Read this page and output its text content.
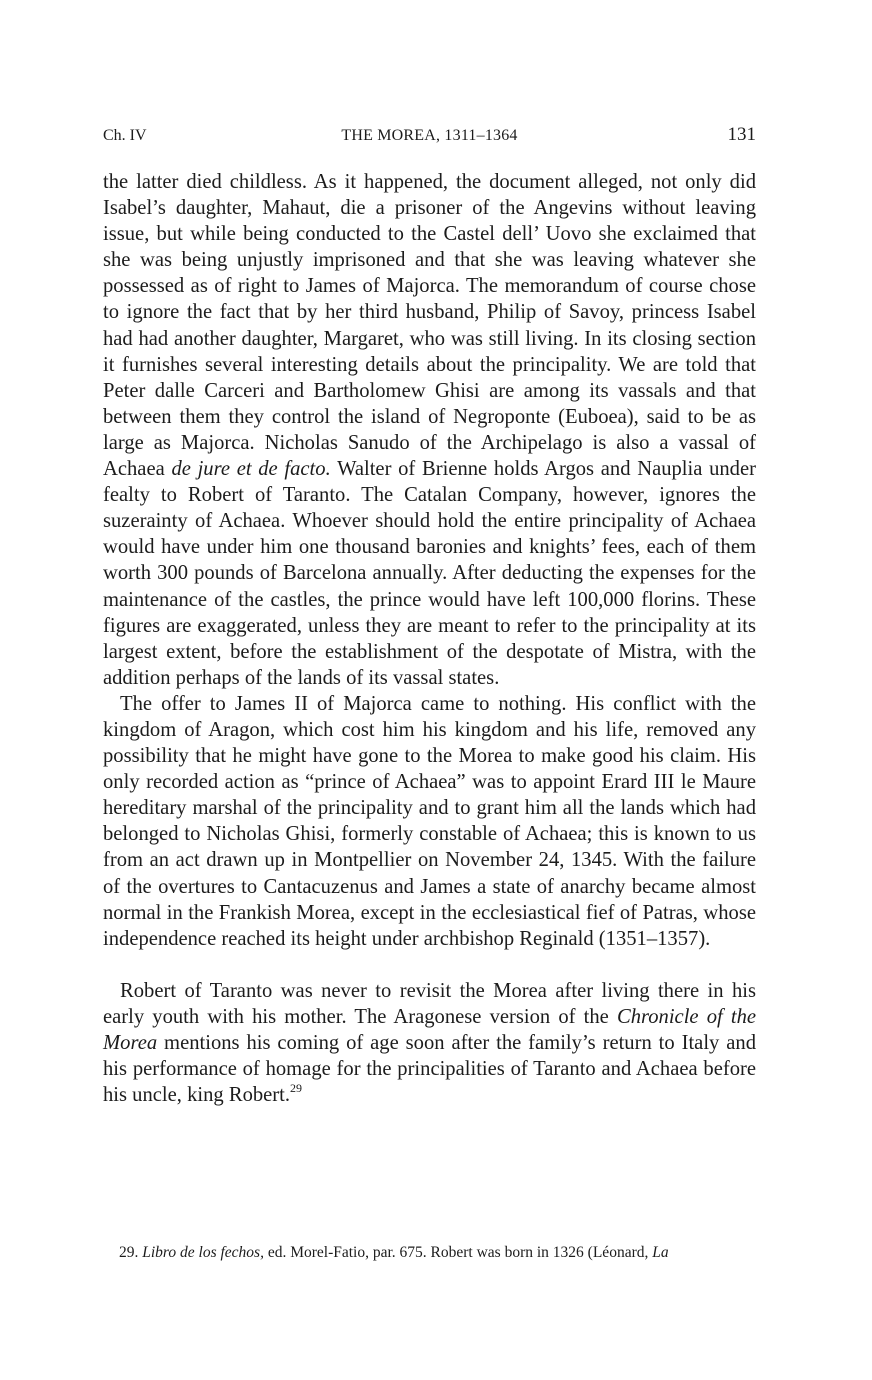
Ch. IV	THE MOREA, 1311–1364	131

the latter died childless. As it happened, the document alleged, not only did Isabel’s daughter, Mahaut, die a prisoner of the Angevins without leaving issue, but while being conducted to the Castel dell’ Uovo she exclaimed that she was being unjustly imprisoned and that she was leaving whatever she possessed as of right to James of Majorca. The memorandum of course chose to ignore the fact that by her third husband, Philip of Savoy, princess Isabel had had another daughter, Margaret, who was still living. In its closing section it furnishes several interesting details about the principality. We are told that Peter dalle Carceri and Bartholomew Ghisi are among its vassals and that between them they control the island of Negroponte (Euboea), said to be as large as Majorca. Nicholas Sanudo of the Archipelago is also a vassal of Achaea de jure et de facto. Walter of Brienne holds Argos and Nauplia under fealty to Robert of Taranto. The Catalan Company, however, ignores the suzerainty of Achaea. Whoever should hold the entire principality of Achaea would have under him one thousand baronies and knights’ fees, each of them worth 300 pounds of Barcelona annually. After deducting the expenses for the maintenance of the castles, the prince would have left 100,000 florins. These figures are exaggerated, unless they are meant to refer to the principality at its largest extent, before the establishment of the despotate of Mistra, with the addition perhaps of the lands of its vassal states.

The offer to James II of Majorca came to nothing. His conflict with the kingdom of Aragon, which cost him his kingdom and his life, removed any possibility that he might have gone to the Morea to make good his claim. His only recorded action as “prince of Achaea” was to appoint Erard III le Maure hereditary marshal of the principality and to grant him all the lands which had belonged to Nicholas Ghisi, formerly constable of Achaea; this is known to us from an act drawn up in Montpellier on November 24, 1345. With the failure of the overtures to Cantacuzenus and James a state of anarchy became almost normal in the Frankish Morea, except in the ecclesiastical fief of Patras, whose independence reached its height under archbishop Reginald (1351–1357).

Robert of Taranto was never to revisit the Morea after living there in his early youth with his mother. The Aragonese version of the Chronicle of the Morea mentions his coming of age soon after the family’s return to Italy and his performance of homage for the principalities of Taranto and Achaea before his uncle, king Robert.$^{29}$

29. Libro de los fechos, ed. Morel-Fatio, par. 675. Robert was born in 1326 (Léonard, La
